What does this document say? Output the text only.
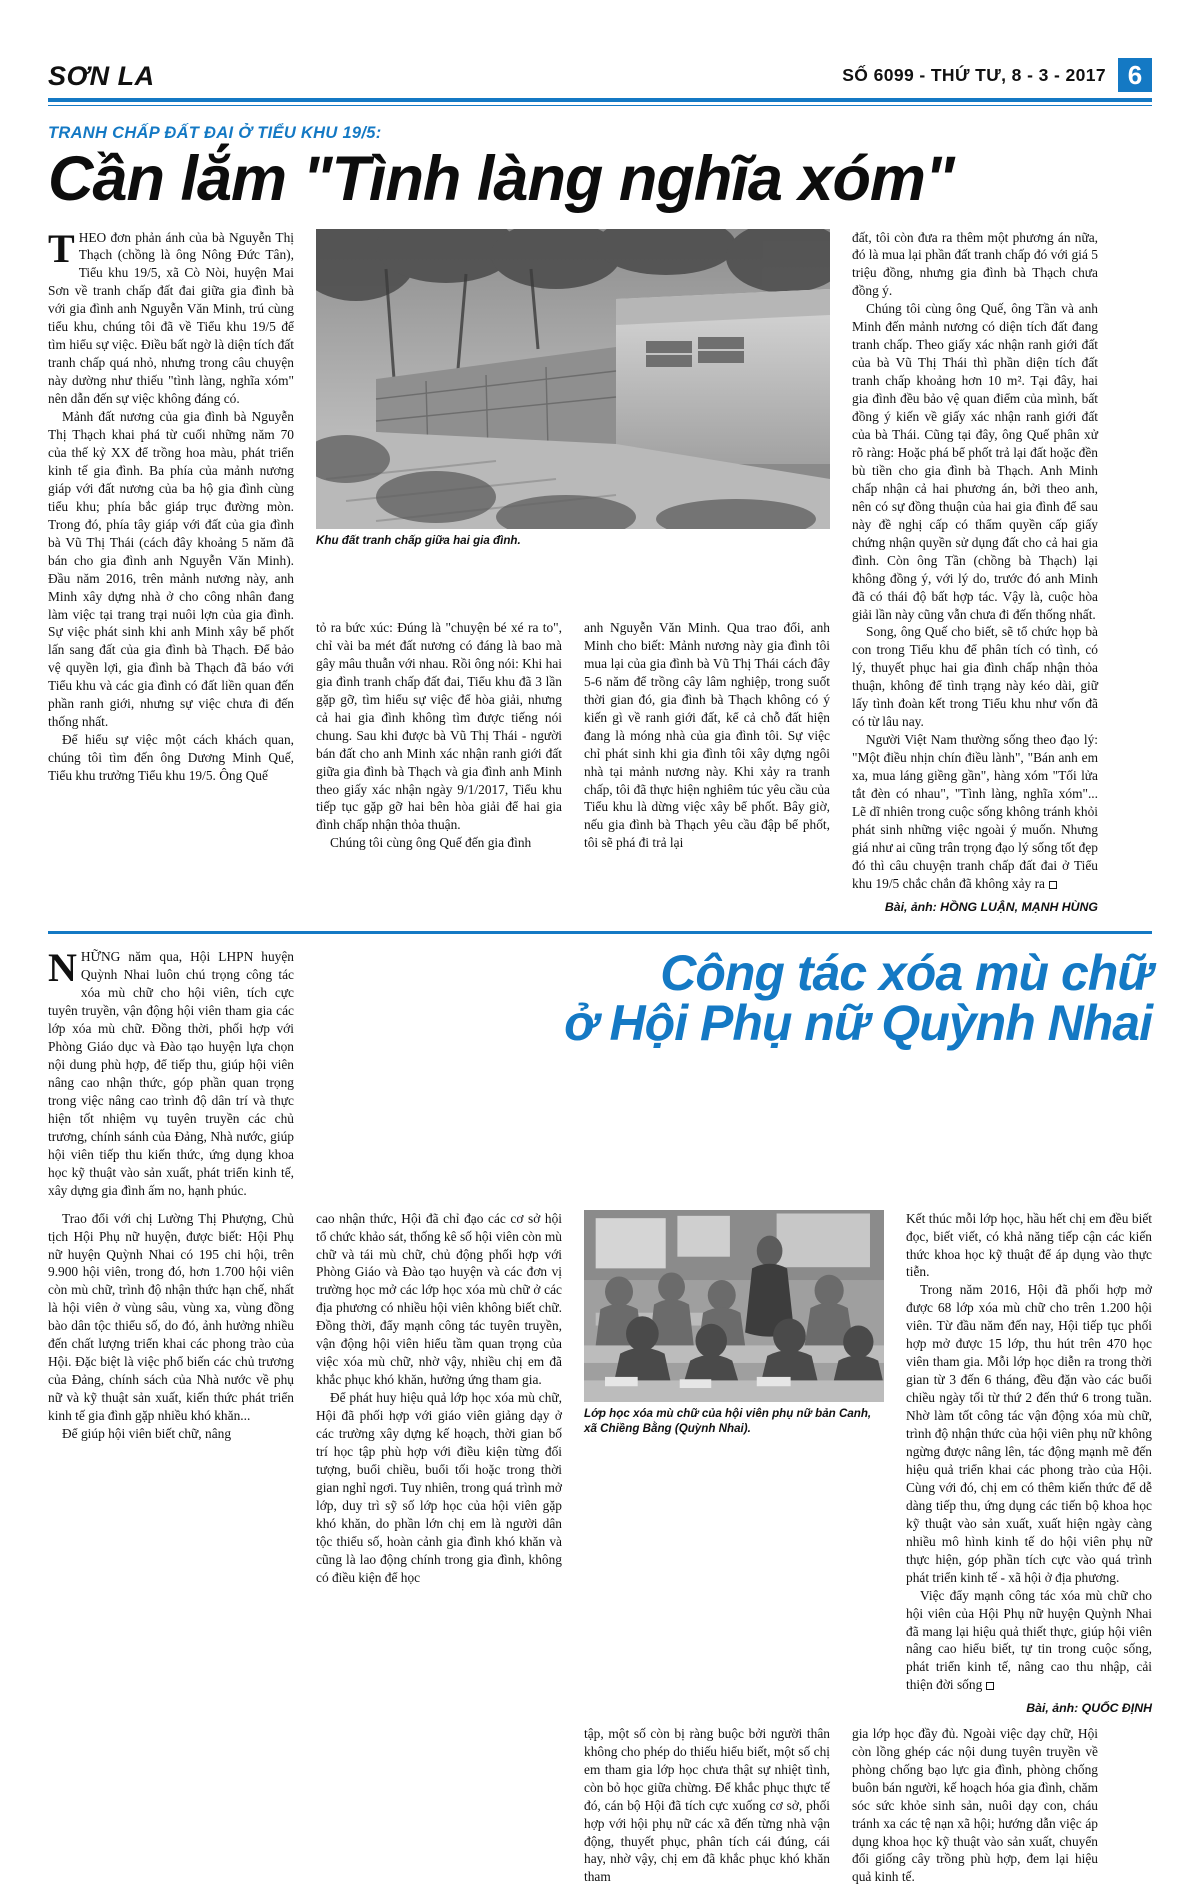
SƠN LA	SỐ 6099 - THỨ TƯ, 8 - 3 - 2017 6
TRANH CHẤP ĐẤT ĐAI Ở TIỂU KHU 19/5:
Cần lắm "Tình làng nghĩa xóm"

THEO đơn phản ánh của bà Nguyễn Thị Thạch (chồng là ông Nông Đức Tân), Tiểu khu 19/5, xã Cò Nòi, huyện Mai Sơn về tranh chấp đất đai giữa gia đình bà với gia đình anh Nguyễn Văn Minh, trú cùng tiểu khu, chúng tôi đã về Tiểu khu 19/5 để tìm hiểu sự việc. Điều bất ngờ là diện tích đất tranh chấp quá nhỏ, nhưng trong câu chuyện này dường như thiếu "tình làng, nghĩa xóm" nên dẫn đến sự việc không đáng có.

Mảnh đất nương của gia đình bà Nguyễn Thị Thạch khai phá từ cuối những năm 70 của thế kỷ XX để trồng hoa màu, phát triển kinh tế gia đình. Ba phía của mảnh nương giáp với đất nương của ba hộ gia đình cùng tiểu khu; phía bắc giáp trục đường mòn. Trong đó, phía tây giáp với đất của gia đình bà Vũ Thị Thái (cách đây khoảng 5 năm đã bán cho gia đình anh Nguyễn Văn Minh). Đầu năm 2016, trên mảnh nương này, anh Minh xây dựng nhà ở cho công nhân đang làm việc tại trang trại nuôi lợn của gia đình. Sự việc phát sinh khi anh Minh xây bể phốt lấn sang đất của gia đình bà Thạch. Để bảo vệ quyền lợi, gia đình bà Thạch đã báo với Tiểu khu và các gia đình có đất liền quan đến phần ranh giới, nhưng sự việc chưa đi đến thống nhất.

Để hiểu sự việc một cách khách quan, chúng tôi tìm đến ông Dương Minh Quế, Tiểu khu trưởng Tiểu khu 19/5. Ông Quế

Khu đất tranh chấp giữa hai gia đình.

tỏ ra bức xúc: Đúng là "chuyện bé xé ra to", chỉ vài ba mét đất nương có đáng là bao mà gây mâu thuẫn với nhau. Rồi ông nói: Khi hai gia đình tranh chấp đất đai, Tiểu khu đã 3 lần gặp gỡ, tìm hiểu sự việc để hòa giải, nhưng cả hai gia đình không tìm được tiếng nói chung. Sau khi được bà Vũ Thị Thái - người bán đất cho anh Minh xác nhận ranh giới đất giữa gia đình bà Thạch và gia đình anh Minh theo giấy xác nhận ngày 9/1/2017, Tiểu khu tiếp tục gặp gỡ hai bên hòa giải để hai gia đình chấp nhận thỏa thuận.

Chúng tôi cùng ông Quế đến gia đình

anh Nguyễn Văn Minh. Qua trao đổi, anh Minh cho biết: Mảnh nương này gia đình tôi mua lại của gia đình bà Vũ Thị Thái cách đây 5-6 năm để trồng cây lâm nghiệp, trong suốt thời gian đó, gia đình bà Thạch không có ý kiến gì về ranh giới đất, kể cả chỗ đất hiện đang là móng nhà của gia đình tôi. Sự việc chỉ phát sinh khi gia đình tôi xây dựng ngôi nhà tại mảnh nương này. Khi xảy ra tranh chấp, tôi đã thực hiện nghiêm túc yêu cầu của Tiểu khu là dừng việc xây bể phốt. Bây giờ, nếu gia đình bà Thạch yêu cầu đập bể phốt, tôi sẽ phá đi trả lại

đất, tôi còn đưa ra thêm một phương án nữa, đó là mua lại phần đất tranh chấp đó với giá 5 triệu đồng, nhưng gia đình bà Thạch chưa đồng ý.

Chúng tôi cùng ông Quế, ông Tần và anh Minh đến mảnh nương có diện tích đất đang tranh chấp. Theo giấy xác nhận ranh giới đất của bà Vũ Thị Thái thì phần diện tích đất tranh chấp khoảng hơn 10 m². Tại đây, hai gia đình đều bảo vệ quan điểm của mình, bất đồng ý kiến về giấy xác nhận ranh giới đất của bà Thái. Cũng tại đây, ông Quế phân xử rõ ràng: Hoặc phá bể phốt trả lại đất hoặc đền bù tiền cho gia đình bà Thạch. Anh Minh chấp nhận cả hai phương án, bởi theo anh, nên có sự đồng thuận của hai gia đình để sau này đề nghị cấp có thẩm quyền cấp giấy chứng nhận quyền sử dụng đất cho cả hai gia đình. Còn ông Tần (chồng bà Thạch) lại không đồng ý, với lý do, trước đó anh Minh đã có thái độ bất hợp tác. Vậy là, cuộc hòa giải lần này cũng vẫn chưa đi đến thống nhất.

Song, ông Quế cho biết, sẽ tổ chức họp bà con trong Tiểu khu để phân tích có tình, có lý, thuyết phục hai gia đình chấp nhận thỏa thuận, không để tình trạng này kéo dài, giữ lấy tình đoàn kết trong Tiểu khu như vốn đã có từ lâu nay.

Người Việt Nam thường sống theo đạo lý: "Một điều nhịn chín điều lành", "Bán anh em xa, mua láng giềng gần", hàng xóm "Tối lửa tắt đèn có nhau", "Tình làng, nghĩa xóm"... Lẽ dĩ nhiên trong cuộc sống không tránh khỏi phát sinh những việc ngoài ý muốn. Nhưng giá như ai cũng trân trọng đạo lý sống tốt đẹp đó thì câu chuyện tranh chấp đất đai ở Tiểu khu 19/5 chắc chắn đã không xảy ra

Bài, ảnh: HỒNG LUẬN, MẠNH HÙNG

NHỮNG năm qua, Hội LHPN huyện Quỳnh Nhai luôn chú trọng công tác xóa mù chữ cho hội viên, tích cực tuyên truyền, vận động hội viên tham gia các lớp xóa mù chữ. Đồng thời, phối hợp với Phòng Giáo dục và Đào tạo huyện lựa chọn nội dung phù hợp, để tiếp thu, giúp hội viên nâng cao nhận thức, góp phần quan trọng trong việc nâng cao trình độ dân trí và thực hiện tốt nhiệm vụ tuyên truyền các chủ trương, chính sánh của Đảng, Nhà nước, giúp hội viên tiếp thu kiến thức, ứng dụng khoa học kỹ thuật vào sản xuất, phát triển kinh tế, xây dựng gia đình ấm no, hạnh phúc.

Công tác xóa mù chữ
ở Hội Phụ nữ Quỳnh Nhai

Trao đổi với chị Lường Thị Phượng, Chủ tịch Hội Phụ nữ huyện, được biết: Hội Phụ nữ huyện Quỳnh Nhai có 195 chi hội, trên 9.900 hội viên, trong đó, hơn 1.700 hội viên còn mù chữ, trình độ nhận thức hạn chế, nhất là hội viên ở vùng sâu, vùng xa, vùng đồng bào dân tộc thiểu số, do đó, ảnh hưởng nhiều đến chất lượng triển khai các phong trào của Hội. Đặc biệt là việc phổ biến các chủ trương của Đảng, chính sách của Nhà nước về phụ nữ và kỹ thuật sản xuất, kiến thức phát triển kinh tế gia đình gặp nhiều khó khăn...

Để giúp hội viên biết chữ, nâng

cao nhận thức, Hội đã chỉ đạo các cơ sở hội tổ chức khảo sát, thống kê số hội viên còn mù chữ và tái mù chữ, chủ động phối hợp với Phòng Giáo và Đào tạo huyện và các đơn vị trường học mở các lớp học xóa mù chữ ở các địa phương có nhiều hội viên không biết chữ. Đồng thời, đẩy mạnh công tác tuyên truyền, vận động hội viên hiểu tầm quan trọng của việc xóa mù chữ, nhờ vậy, nhiều chị em đã khắc phục khó khăn, hưởng ứng tham gia.

Để phát huy hiệu quả lớp học xóa mù chữ, Hội đã phối hợp với giáo viên giảng dạy ở các trường xây dựng kế hoạch, thời gian bố trí học tập phù hợp với điều kiện từng đối tượng, buổi chiều, buổi tối hoặc trong thời gian nghỉ ngơi. Tuy nhiên, trong quá trình mở lớp, duy trì sỹ số lớp học của hội viên gặp khó khăn, do phần lớn chị em là người dân tộc thiểu số, hoàn cảnh gia đình khó khăn và cũng là lao động chính trong gia đình, không có điều kiện để học

Lớp học xóa mù chữ của hội viên phụ nữ bản Canh, xã Chiềng Bằng (Quỳnh Nhai).

Kết thúc mỗi lớp học, hầu hết chị em đều biết đọc, biết viết, có khả năng tiếp cận các kiến thức khoa học kỹ thuật để áp dụng vào thực tiễn.

Trong năm 2016, Hội đã phối hợp mở được 68 lớp xóa mù chữ cho trên 1.200 hội viên. Từ đầu năm đến nay, Hội tiếp tục phối hợp mở được 15 lớp, thu hút trên 470 học viên tham gia. Mỗi lớp học diễn ra trong thời gian từ 3 đến 6 tháng, đều đặn vào các buổi chiều ngày tối từ thứ 2 đến thứ 6 trong tuần. Nhờ làm tốt công tác vận động xóa mù chữ, trình độ nhận thức của hội viên phụ nữ không ngừng được nâng lên, tác động mạnh mẽ đến hiệu quả triển khai các phong trào của Hội. Cùng với đó, chị em có thêm kiến thức để dễ dàng tiếp thu, ứng dụng các tiến bộ khoa học kỹ thuật vào sản xuất, xuất hiện ngày càng nhiều mô hình kinh tế do hội viên phụ nữ thực hiện, góp phần tích cực vào quá trình phát triển kinh tế - xã hội ở địa phương.

Việc đẩy mạnh công tác xóa mù chữ cho hội viên của Hội Phụ nữ huyện Quỳnh Nhai đã mang lại hiệu quả thiết thực, giúp hội viên nâng cao hiểu biết, tự tin trong cuộc sống, phát triển kinh tế, nâng cao thu nhập, cải thiện đời sống

Bài, ảnh: QUỐC ĐỊNH

tập, một số còn bị ràng buộc bởi người thân không cho phép do thiếu hiểu biết, một số chị em tham gia lớp học chưa thật sự nhiệt tình, còn bỏ học giữa chừng. Để khắc phục thực tế đó, cán bộ Hội đã tích cực xuống cơ sở, phối hợp với hội phụ nữ các xã đến từng nhà vận động, thuyết phục, phân tích cái đúng, cái hay, nhờ vậy, chị em đã khắc phục khó khăn tham

gia lớp học đầy đủ. Ngoài việc dạy chữ, Hội còn lồng ghép các nội dung tuyên truyền về phòng chống bạo lực gia đình, phòng chống buôn bán người, kế hoạch hóa gia đình, chăm sóc sức khỏe sinh sản, nuôi dạy con, cháu tránh xa các tệ nạn xã hội; hướng dẫn việc áp dụng khoa học kỹ thuật vào sản xuất, chuyển đổi giống cây trồng phù hợp, đem lại hiệu quả kinh tế.
